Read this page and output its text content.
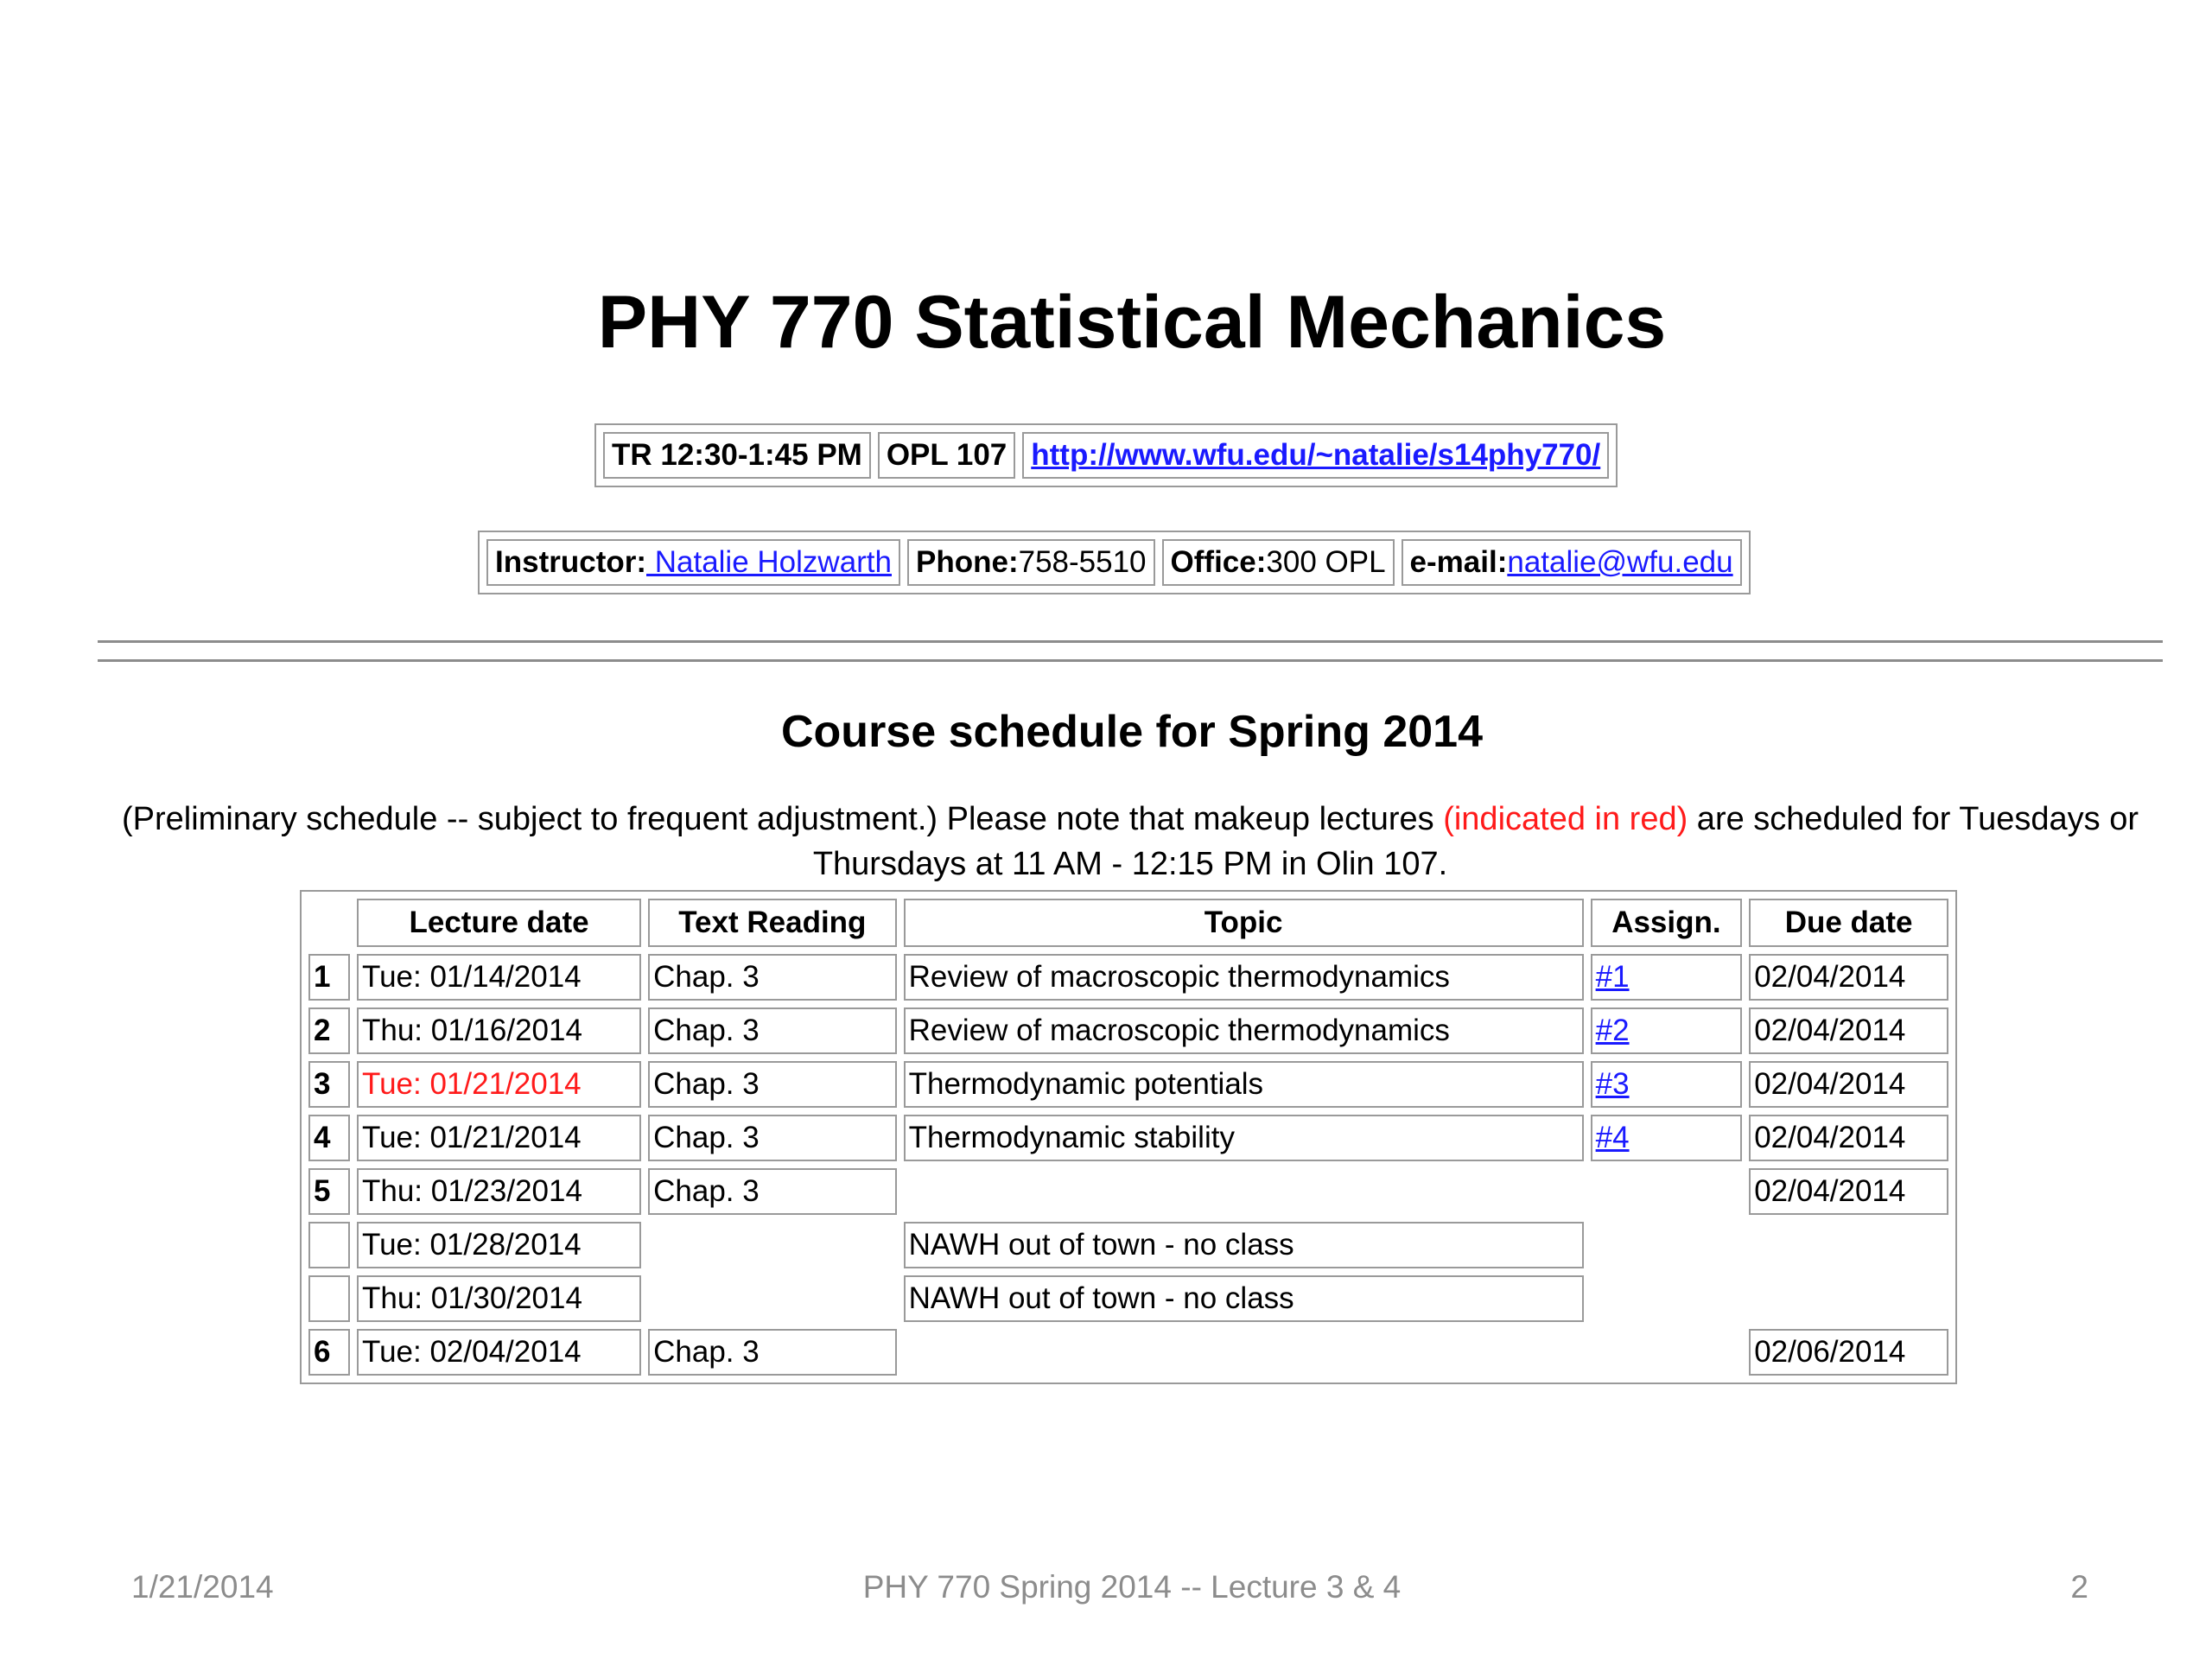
PHY 770 Statistical Mechanics
TR 12:30-1:45 PM	OPL 107	http://www.wfu.edu/~natalie/s14phy770/
Instructor: Natalie Holzwarth	Phone:758-5510	Office:300 OPL	e-mail:natalie@wfu.edu
Course schedule for Spring 2014
(Preliminary schedule -- subject to frequent adjustment.) Please note that makeup lectures (indicated in red) are scheduled for Tuesdays or Thursdays at 11 AM - 12:15 PM in Olin 107.
	Lecture date	Text Reading	Topic	Assign.	Due date
1	Tue: 01/14/2014	Chap. 3	Review of macroscopic thermodynamics	#1	02/04/2014
2	Thu: 01/16/2014	Chap. 3	Review of macroscopic thermodynamics	#2	02/04/2014
3	Tue: 01/21/2014	Chap. 3	Thermodynamic potentials	#3	02/04/2014
4	Tue: 01/21/2014	Chap. 3	Thermodynamic stability	#4	02/04/2014
5	Thu: 01/23/2014	Chap. 3			02/04/2014
	Tue: 01/28/2014		NAWH out of town - no class		
	Thu: 01/30/2014		NAWH out of town - no class		
6	Tue: 02/04/2014	Chap. 3			02/06/2014
1/21/2014	PHY 770 Spring 2014 -- Lecture 3 & 4	2
